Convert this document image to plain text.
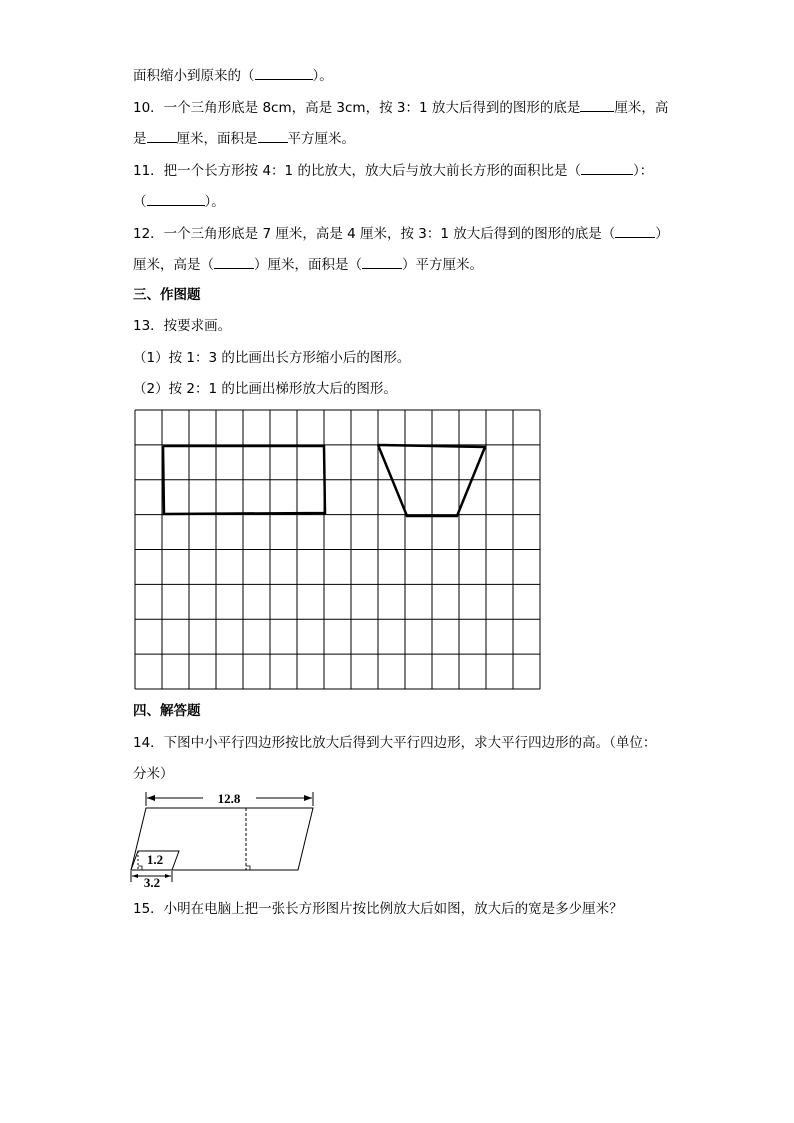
面积缩小到原来的（	）。
10．一个三角形底是 8cm，高是 3cm，按 3：1 放大后得到的图形的底是	厘米，高
是 厘米，面积是 平方厘米。
11．把一个长方形按 4：1 的比放大，放大后与放大前长方形的面积比是（	）：
（	）。
12．一个三角形底是 7 厘米，高是 4 厘米，按 3：1 放大后得到的图形的底是（	）
厘米，高是（	）厘米，面积是（	）平方厘米。
三、作图题
13．按要求画。
（1）按 1：3 的比画出长方形缩小后的图形。
（2）按 2：1 的比画出梯形放大后的图形。
四、解答题
14．下图中小平行四边形按比放大后得到大平行四边形，求大平行四边形的高。（单位：
分米）
12.8
1.2
3.2
15．小明在电脑上把一张长方形图片按比例放大后如图，放大后的宽是多少厘米？
